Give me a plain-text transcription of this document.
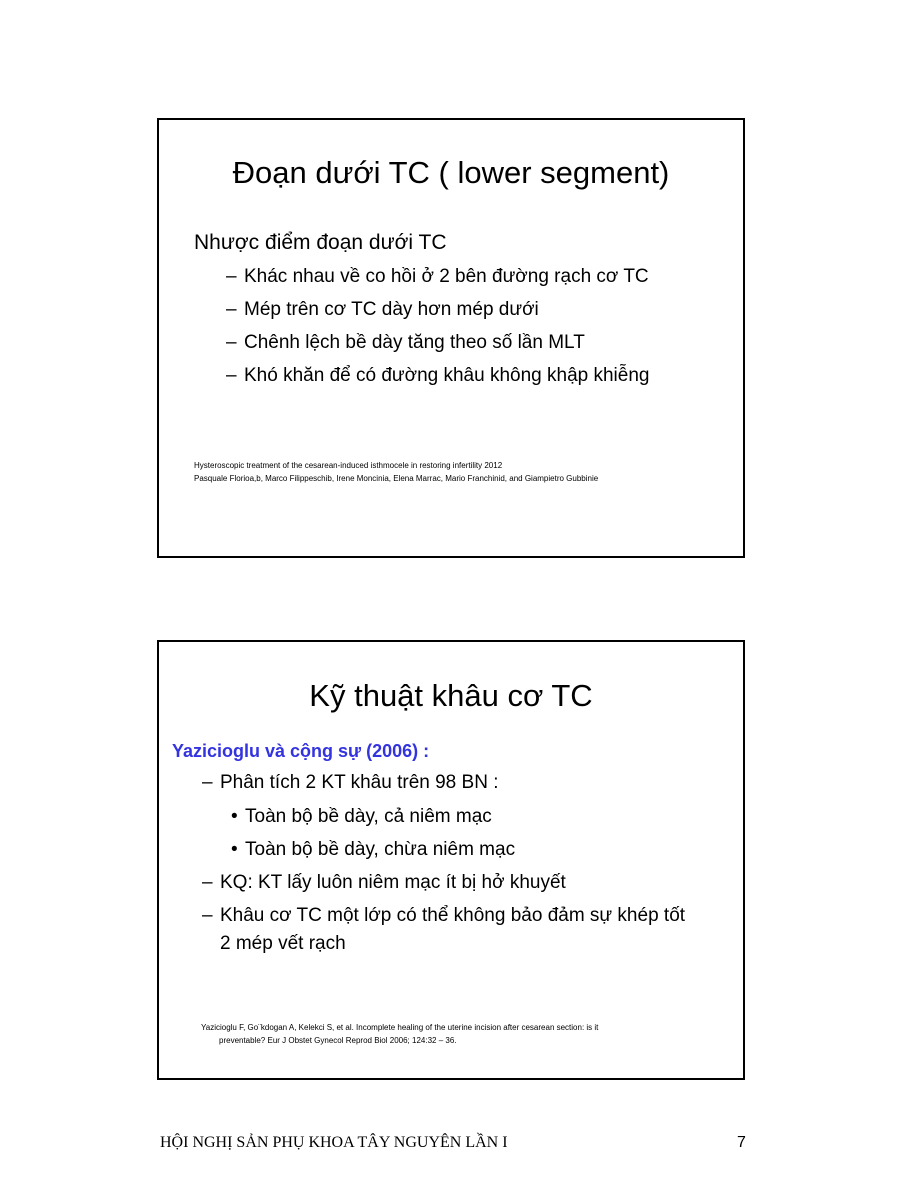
Đoạn dưới TC ( lower segment)
Nhược điểm đoạn dưới TC
– Khác nhau về co hồi ở 2 bên đường rạch cơ TC
– Mép trên cơ TC dày hơn mép dưới
– Chênh lệch bề dày tăng theo số lần MLT
– Khó khăn để có đường khâu không khập khiễng
Hysteroscopic treatment of the cesarean-induced isthmocele in restoring infertility 2012
Pasquale Florioa,b, Marco Filippeschib, Irene Moncinia, Elena Marrac, Mario Franchinid, and Giampietro Gubbinie
Kỹ thuật khâu cơ TC
Yazicioglu và cộng sự (2006) :
– Phân tích 2 KT khâu trên 98 BN :
• Toàn bộ bề dày, cả niêm mạc
• Toàn bộ bề dày, chừa niêm mạc
– KQ: KT lấy luôn niêm mạc ít bị hở khuyết
– Khâu cơ TC một lớp có thể không bảo đảm sự khép tốt
2 mép vết rạch
Yazicioglu F, Go¨kdogan A, Kelekci S, et al. Incomplete healing of the uterine incision after cesarean section: is it
preventable? Eur J Obstet Gynecol Reprod Biol 2006; 124:32 – 36.
HỘI NGHỊ SẢN PHỤ KHOA TÂY NGUYÊN LẦN I	7
